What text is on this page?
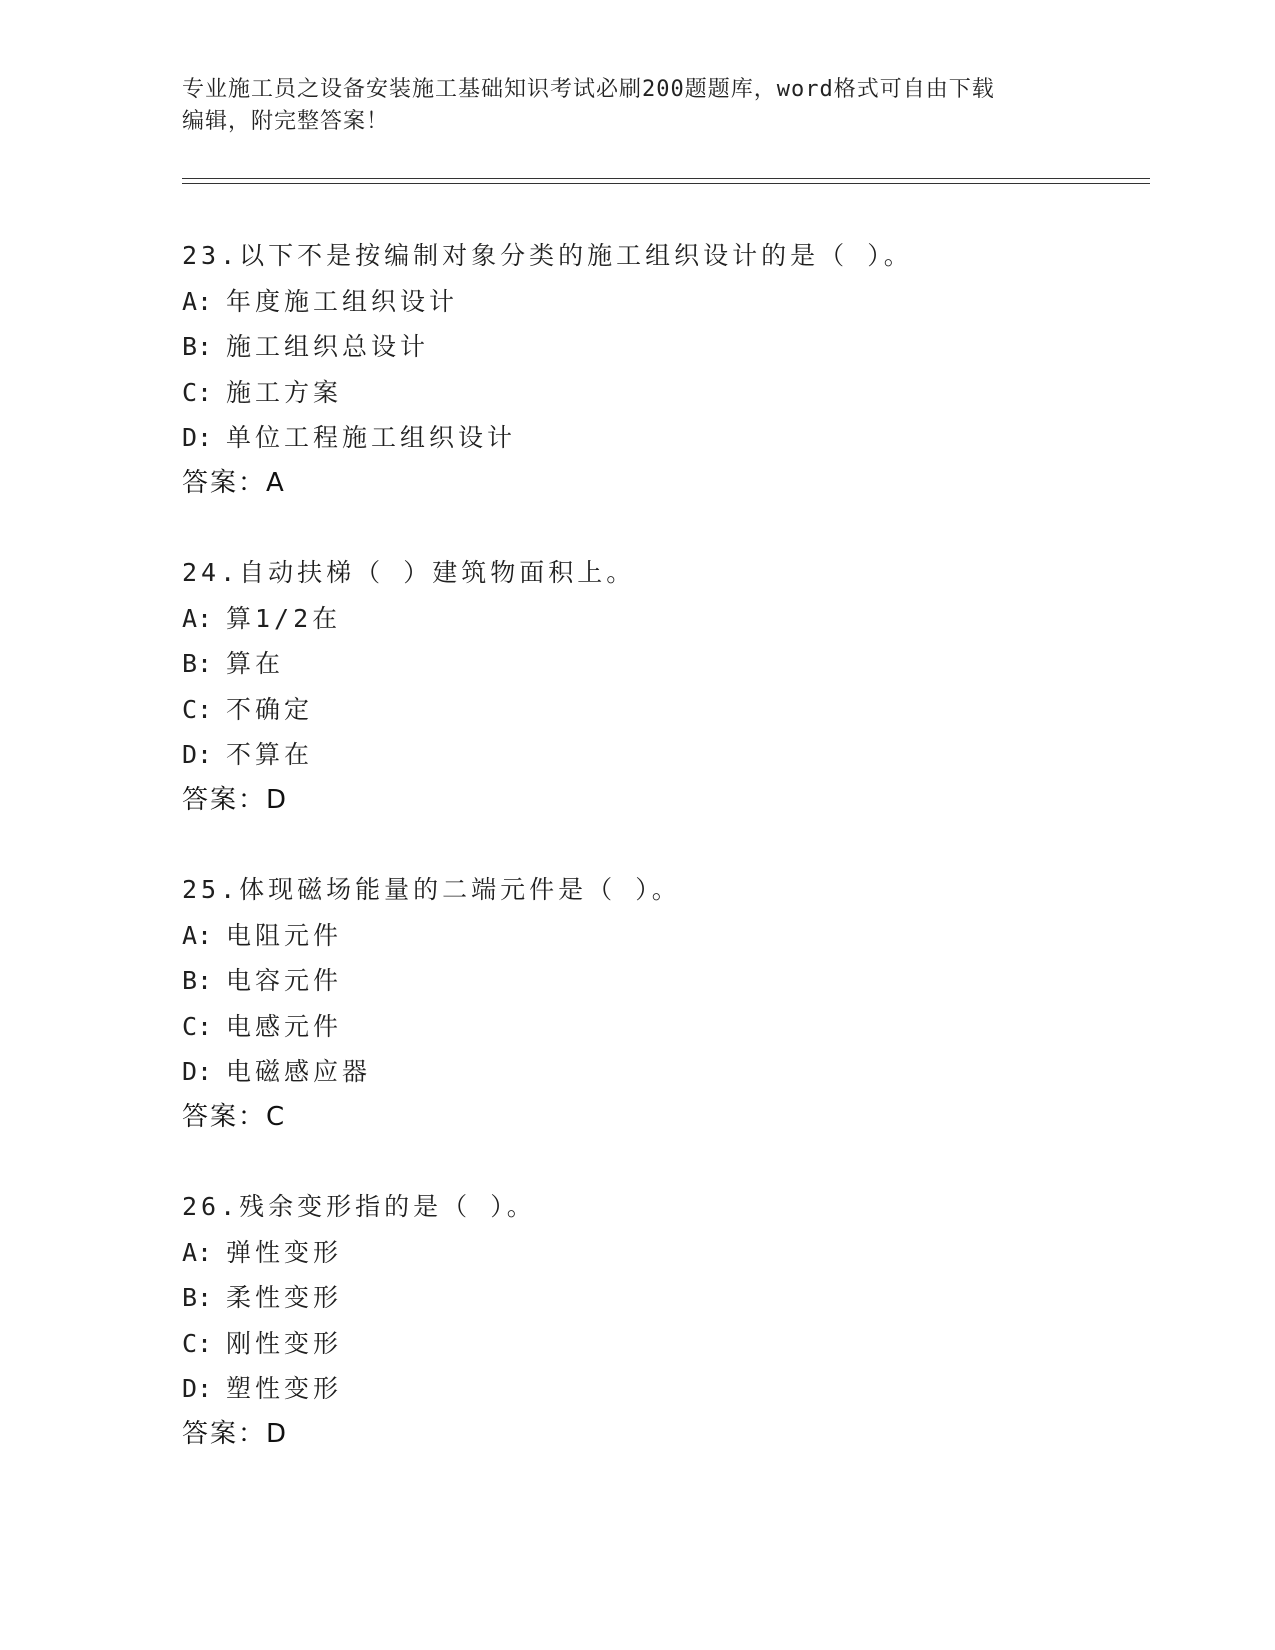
专业施工员之设备安装施工基础知识考试必刷200题题库，word格式可自由下载
编辑，附完整答案！
23.以下不是按编制对象分类的施工组织设计的是（ ）。
A: 年度施工组织设计
B: 施工组织总设计
C: 施工方案
D: 单位工程施工组织设计
答案：A
24.自动扶梯（ ）建筑物面积上。
A: 算1/2在
B: 算在
C: 不确定
D: 不算在
答案：D
25.体现磁场能量的二端元件是（ ）。
A: 电阻元件
B: 电容元件
C: 电感元件
D: 电磁感应器
答案：C
26.残余变形指的是（ ）。
A: 弹性变形
B: 柔性变形
C: 刚性变形
D: 塑性变形
答案：D
